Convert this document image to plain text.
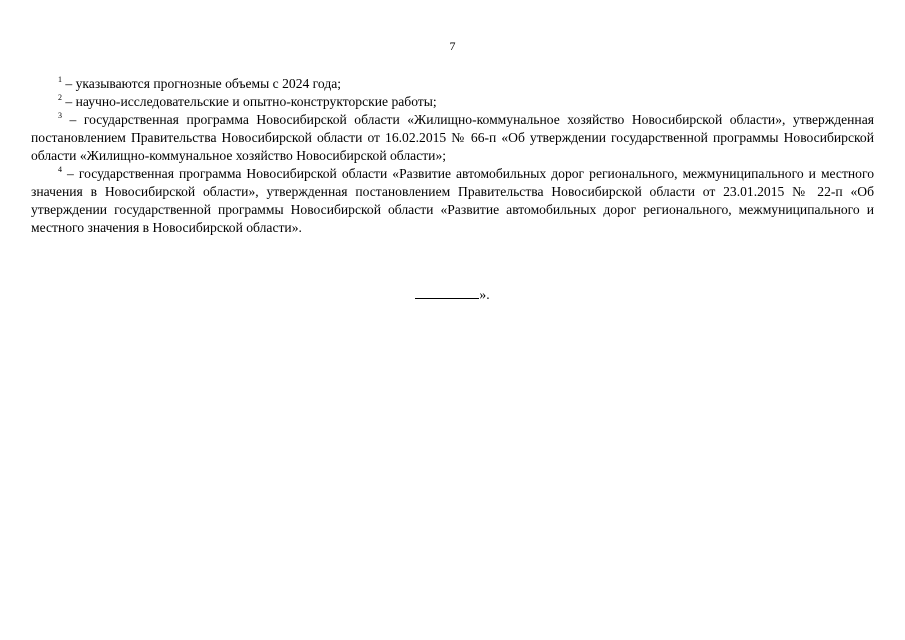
7

$^1$ – указываются прогнозные объемы с 2024 года;

$^2$ – научно-исследовательские и опытно-конструкторские работы;

$^3$ – государственная программа Новосибирской области «Жилищно-коммунальное хозяйство Новосибирской области», утвержденная постановлением Правительства Новосибирской области от 16.02.2015 № 66-п «Об утверждении государственной программы Новосибирской области «Жилищно-коммунальное хозяйство Новосибирской области»;

$^4$ – государственная программа Новосибирской области «Развитие автомобильных дорог регионального, межмуниципального и местного значения в Новосибирской области», утвержденная постановлением Правительства Новосибирской области от 23.01.2015 № 22-п «Об утверждении государственной программы Новосибирской области «Развитие автомобильных дорог регионального, межмуниципального и местного значения в Новосибирской области».

».
